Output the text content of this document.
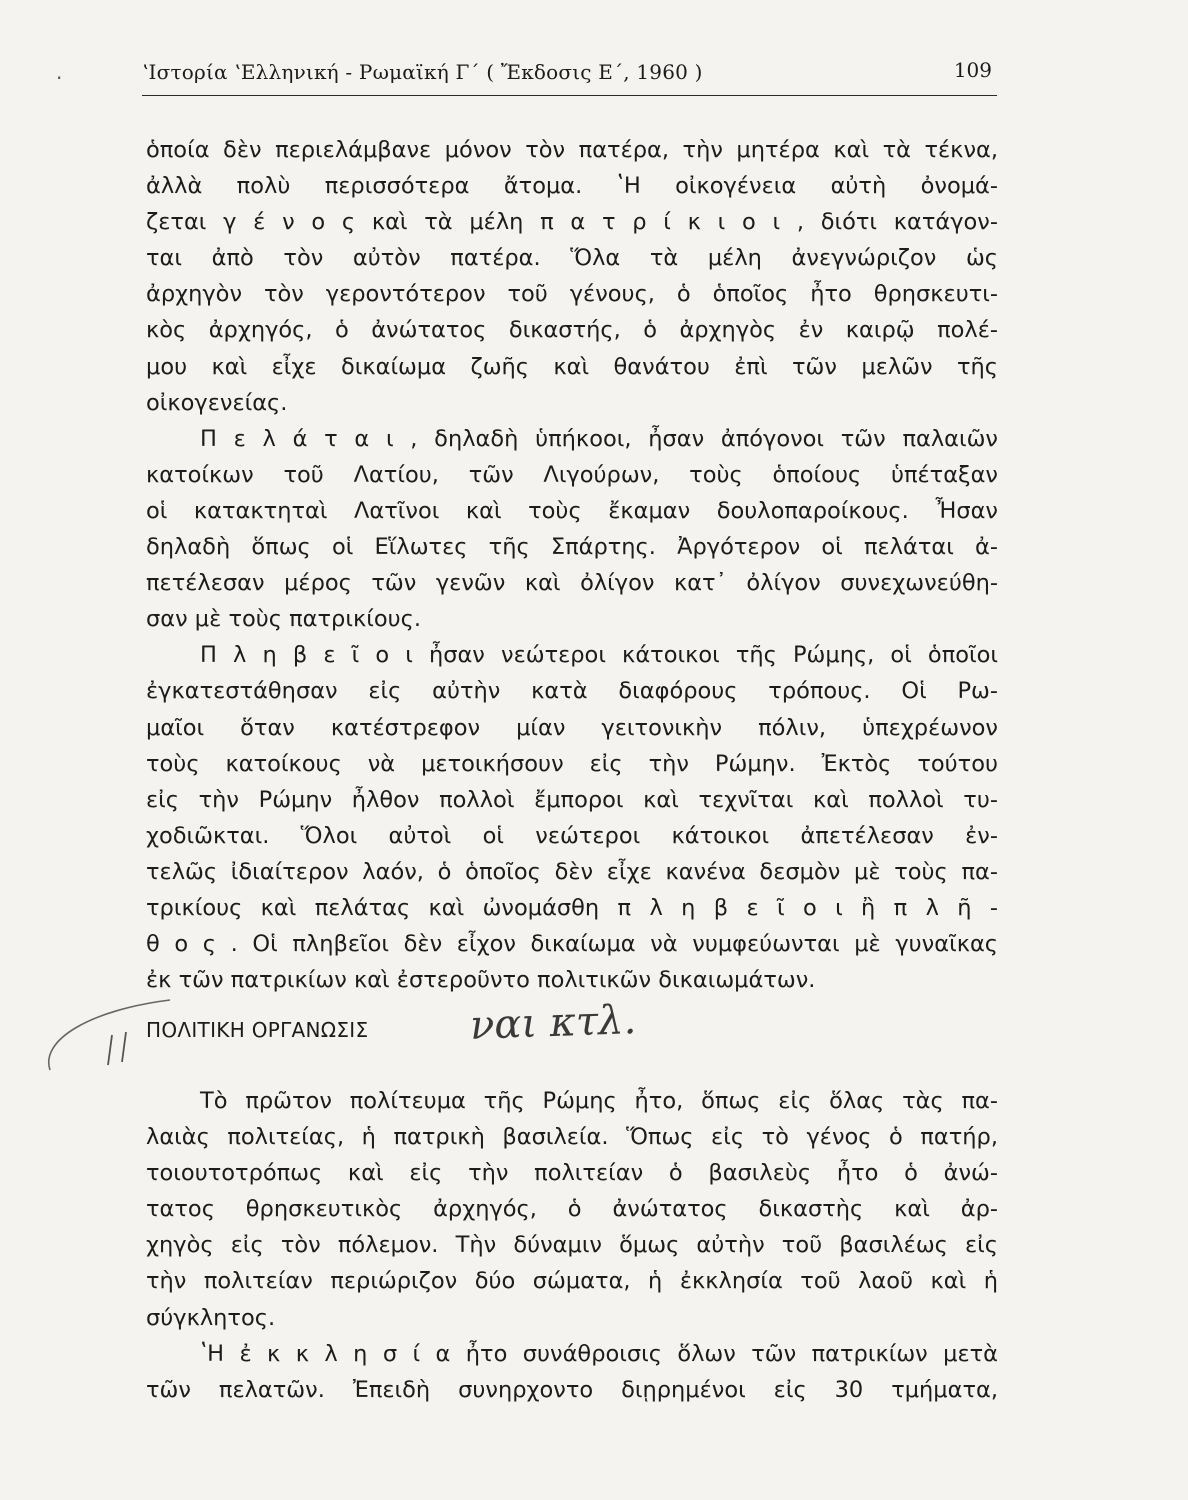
·	ʽΙστορία ʽΕλληνική - Ρωμαϊκή Γ΄ ( Ἔκδοσις Ε΄, 1960 )	109
ὁποία δὲν περιελάμβανε μόνον τὸν πατέρα, τὴν μητέρα καὶ τὰ τέκνα,
ἀλλὰ πολὺ περισσότερα ἄτομα. ʽΗ οἰκογένεια αὐτὴ ὀνομά-
ζεται γ έ ν ο ς καὶ τὰ μέλη π α τ ρ ί κ ι ο ι , διότι κατάγον-
ται ἀπὸ τὸν αὐτὸν πατέρα. Ὅλα τὰ μέλη ἀνεγνώριζον ὡς
ἀρχηγὸν τὸν γεροντότερον τοῦ γένους, ὁ ὁποῖος ἦτο θρησκευτι-
κὸς ἀρχηγός, ὁ ἀνώτατος δικαστής, ὁ ἀρχηγὸς ἐν καιρῷ πολέ-
μου καὶ εἶχε δικαίωμα ζωῆς καὶ θανάτου ἐπὶ τῶν μελῶν τῆς
οἰκογενείας.
Π ε λ ά τ α ι , δηλαδὴ ὑπήκοοι, ἦσαν ἀπόγονοι τῶν παλαιῶν
κατοίκων τοῦ Λατίου, τῶν Λιγούρων, τοὺς ὁποίους ὑπέταξαν
οἱ κατακτηταὶ Λατῖνοι καὶ τοὺς ἔκαμαν δουλοπαροίκους. Ἦσαν
δηλαδὴ ὅπως οἱ Εἵλωτες τῆς Σπάρτης. Ἀργότερον οἱ πελάται ἀ-
πετέλεσαν μέρος τῶν γενῶν καὶ ὀλίγον κατ᾽ ὀλίγον συνεχωνεύθη-
σαν μὲ τοὺς πατρικίους.
Π λ η β ε ῖ ο ι ἦσαν νεώτεροι κάτοικοι τῆς Ρώμης, οἱ ὁποῖοι
ἐγκατεστάθησαν εἰς αὐτὴν κατὰ διαφόρους τρόπους. Οἱ Ρω-
μαῖοι ὅταν κατέστρεφον μίαν γειτονικὴν πόλιν, ὑπεχρέωνον
τοὺς κατοίκους νὰ μετοικήσουν εἰς τὴν Ρώμην. Ἐκτὸς τούτου
εἰς τὴν Ρώμην ἦλθον πολλοὶ ἔμποροι καὶ τεχνῖται καὶ πολλοὶ τυ-
χοδιῶκται. Ὅλοι αὐτοὶ οἱ νεώτεροι κάτοικοι ἀπετέλεσαν ἐν-
τελῶς ἰδιαίτερον λαόν, ὁ ὁποῖος δὲν εἶχε κανένα δεσμὸν μὲ τοὺς πα-
τρικίους καὶ πελάτας καὶ ὠνομάσθη π λ η β ε ῖ ο ι ἢ π λ ῆ -
θ ο ς . Οἱ πληβεῖοι δὲν εἶχον δικαίωμα νὰ νυμφεύωνται μὲ γυναῖκας
ἐκ τῶν πατρικίων καὶ ἐστεροῦντο πολιτικῶν δικαιωμάτων.
ΠΟΛΙΤΙΚΗ ΟΡΓΑΝΩΣΙΣ	ναι κτλ.
Τὸ πρῶτον πολίτευμα τῆς Ρώμης ἦτο, ὅπως εἰς ὅλας τὰς πα-
λαιὰς πολιτείας, ἡ πατρικὴ βασιλεία. Ὅπως εἰς τὸ γένος ὁ πατήρ,
τοιουτοτρόπως καὶ εἰς τὴν πολιτείαν ὁ βασιλεὺς ἦτο ὁ ἀνώ-
τατος θρησκευτικὸς ἀρχηγός, ὁ ἀνώτατος δικαστὴς καὶ ἀρ-
χηγὸς εἰς τὸν πόλεμον. Τὴν δύναμιν ὅμως αὐτὴν τοῦ βασιλέως εἰς
τὴν πολιτείαν περιώριζον δύο σώματα, ἡ ἐκκλησία τοῦ λαοῦ καὶ ἡ
σύγκλητος.
ʽΗ ἐ κ κ λ η σ ί α ἦτο συνάθροισις ὅλων τῶν πατρικίων μετὰ
τῶν πελατῶν. Ἐπειδὴ συνηρχοντο διῃρημένοι εἰς 30 τμήματα,
